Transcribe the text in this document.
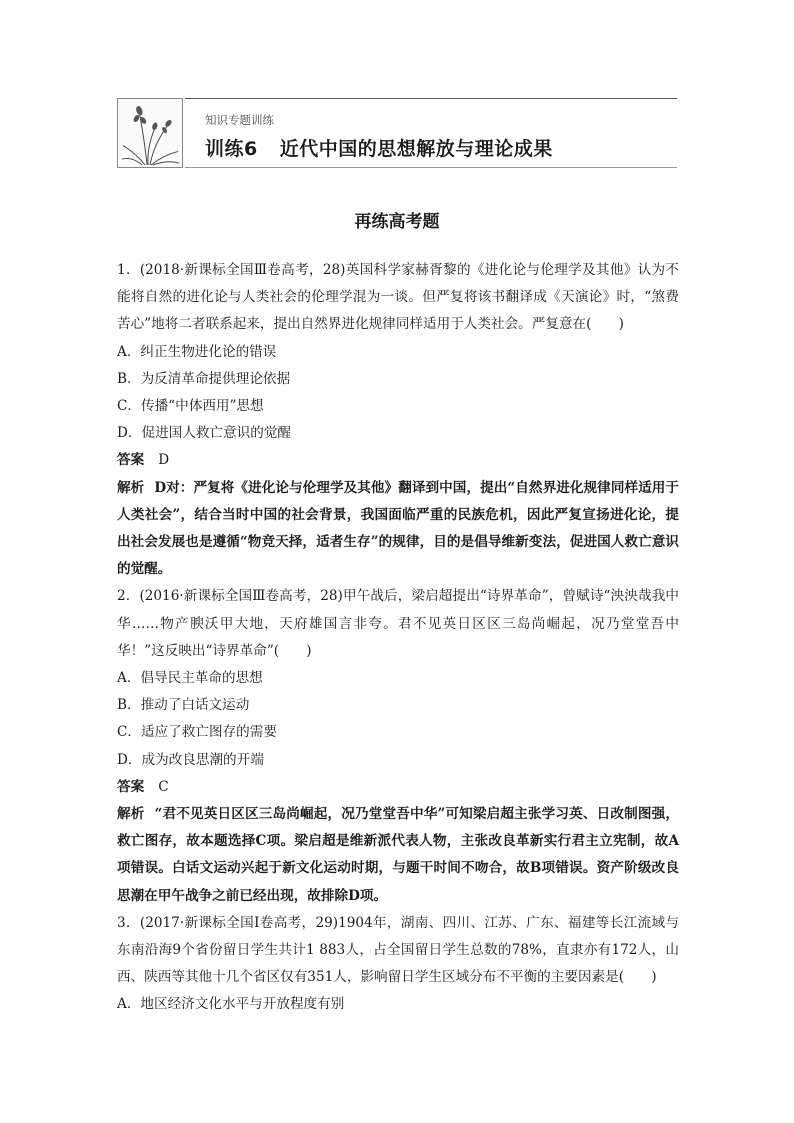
知识专题训练
训练6 近代中国的思想解放与理论成果
再练高考题

1．(2018·新课标全国Ⅲ卷高考，28)英国科学家赫胥黎的《进化论与伦理学及其他》认为不能将自然的进化论与人类社会的伦理学混为一谈。但严复将该书翻译成《天演论》时，“煞费苦心”地将二者联系起来，提出自然界进化规律同样适用于人类社会。严复意在(　　)

A．纠正生物进化论的错误

B．为反清革命提供理论依据

C．传播“中体西用”思想

D．促进国人救亡意识的觉醒

答案 D

解析 D对：严复将《进化论与伦理学及其他》翻译到中国，提出“自然界进化规律同样适用于人类社会”，结合当时中国的社会背景，我国面临严重的民族危机，因此严复宣扬进化论，提出社会发展也是遵循“物竞天择，适者生存”的规律，目的是倡导维新变法，促进国人救亡意识的觉醒。

2．(2016·新课标全国Ⅲ卷高考，28)甲午战后，梁启超提出“诗界革命”，曾赋诗“泱泱哉我中华……物产腴沃甲大地，天府雄国言非夸。君不见英日区区三岛尚崛起，况乃堂堂吾中华！”这反映出“诗界革命”(　　)

A．倡导民主革命的思想

B．推动了白话文运动

C．适应了救亡图存的需要

D．成为改良思潮的开端

答案 C

解析 “君不见英日区区三岛尚崛起，况乃堂堂吾中华”可知梁启超主张学习英、日改制图强，救亡图存，故本题选择C项。梁启超是维新派代表人物，主张改良革新实行君主立宪制，故A项错误。白话文运动兴起于新文化运动时期，与题干时间不吻合，故B项错误。资产阶级改良思潮在甲午战争之前已经出现，故排除D项。

3．(2017·新课标全国Ⅰ卷高考，29)1904年，湖南、四川、江苏、广东、福建等长江流域与东南沿海9个省份留日学生共计1 883人，占全国留日学生总数的78%，直隶亦有172人，山西、陕西等其他十几个省区仅有351人，影响留日学生区域分布不平衡的主要因素是(　　)

A．地区经济文化水平与开放程度有别
